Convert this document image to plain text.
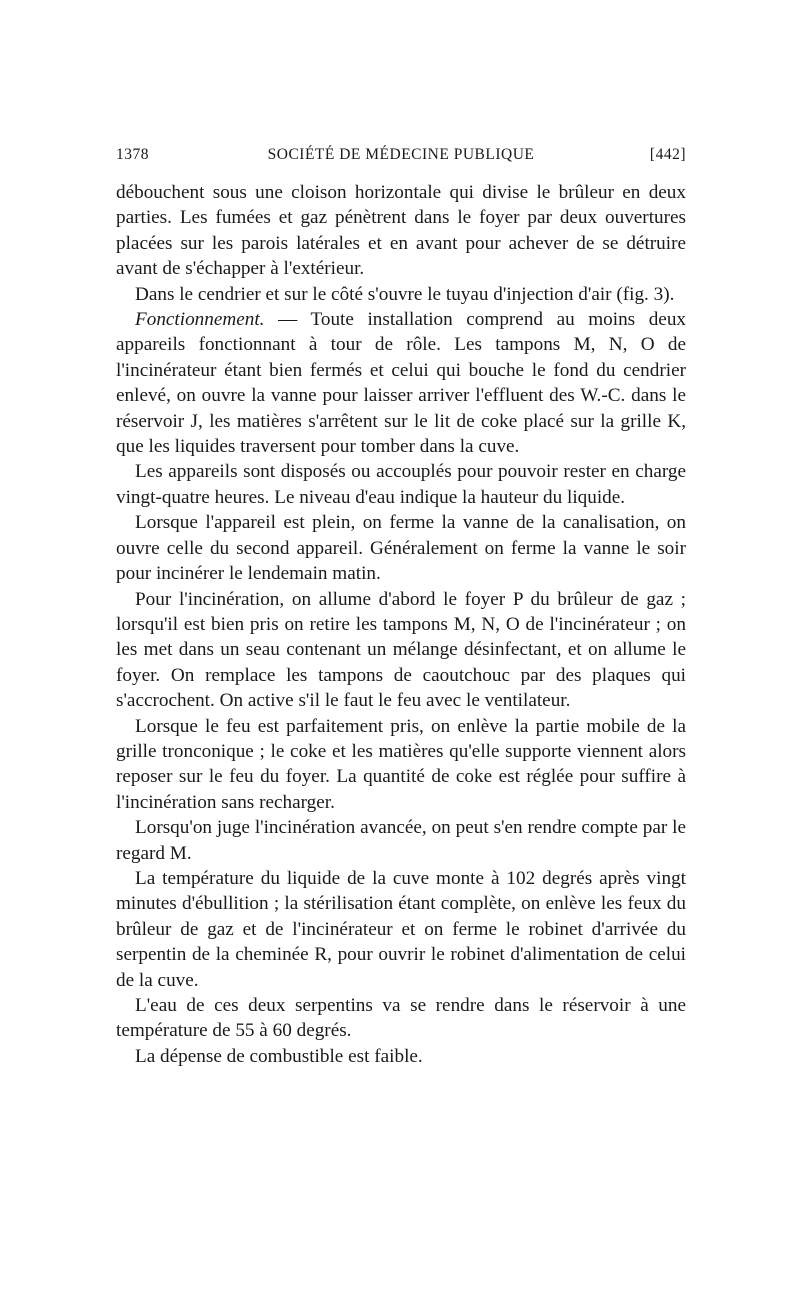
1378	SOCIÉTÉ DE MÉDECINE PUBLIQUE	[442]

débouchent sous une cloison horizontale qui divise le brûleur en deux parties. Les fumées et gaz pénètrent dans le foyer par deux ouvertures placées sur les parois latérales et en avant pour achever de se détruire avant de s'échapper à l'extérieur.

Dans le cendrier et sur le côté s'ouvre le tuyau d'injection d'air (fig. 3).

Fonctionnement. — Toute installation comprend au moins deux appareils fonctionnant à tour de rôle. Les tampons M, N, O de l'incinérateur étant bien fermés et celui qui bouche le fond du cendrier enlevé, on ouvre la vanne pour laisser arriver l'effluent des W.-C. dans le réservoir J, les matières s'arrêtent sur le lit de coke placé sur la grille K, que les liquides traversent pour tomber dans la cuve.

Les appareils sont disposés ou accouplés pour pouvoir rester en charge vingt-quatre heures. Le niveau d'eau indique la hauteur du liquide.

Lorsque l'appareil est plein, on ferme la vanne de la canalisation, on ouvre celle du second appareil. Généralement on ferme la vanne le soir pour incinérer le lendemain matin.

Pour l'incinération, on allume d'abord le foyer P du brûleur de gaz ; lorsqu'il est bien pris on retire les tampons M, N, O de l'incinérateur ; on les met dans un seau contenant un mélange désinfectant, et on allume le foyer. On remplace les tampons de caoutchouc par des plaques qui s'accrochent. On active s'il le faut le feu avec le ventilateur.

Lorsque le feu est parfaitement pris, on enlève la partie mobile de la grille tronconique ; le coke et les matières qu'elle supporte viennent alors reposer sur le feu du foyer. La quantité de coke est réglée pour suffire à l'incinération sans recharger.

Lorsqu'on juge l'incinération avancée, on peut s'en rendre compte par le regard M.

La température du liquide de la cuve monte à 102 degrés après vingt minutes d'ébullition ; la stérilisation étant complète, on enlève les feux du brûleur de gaz et de l'incinérateur et on ferme le robinet d'arrivée du serpentin de la cheminée R, pour ouvrir le robinet d'alimentation de celui de la cuve.

L'eau de ces deux serpentins va se rendre dans le réservoir à une température de 55 à 60 degrés.

La dépense de combustible est faible.
